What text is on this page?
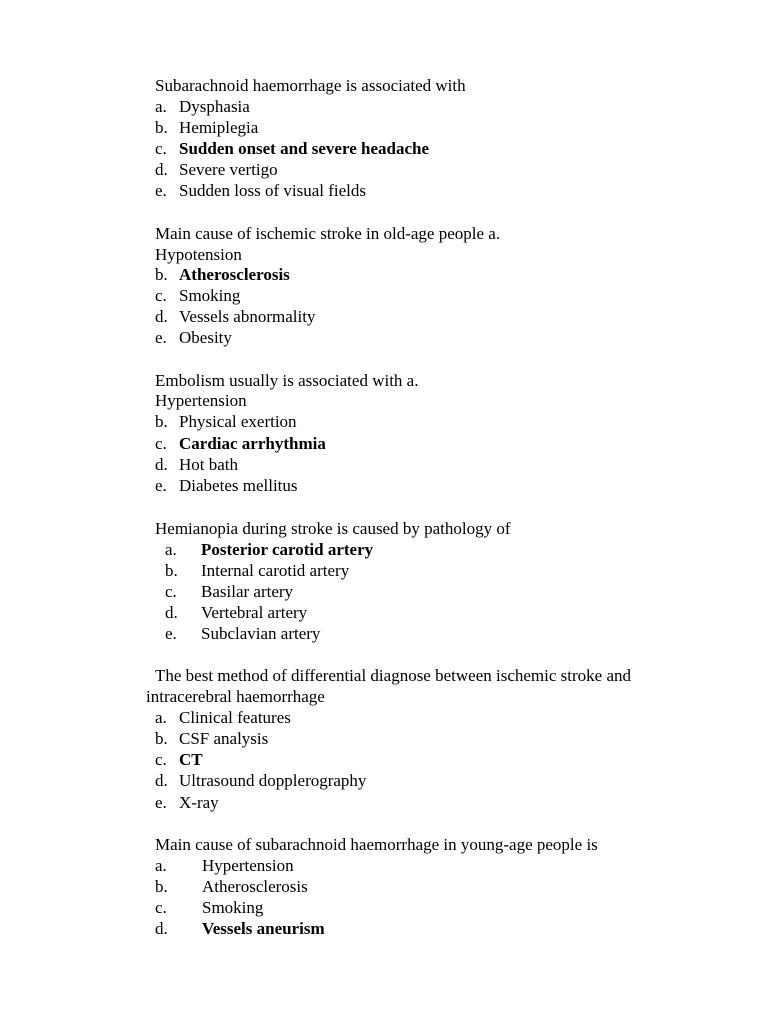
Subarachnoid haemorrhage is associated with
a. Dysphasia
b. Hemiplegia
c. Sudden onset and severe headache
d. Severe vertigo
e. Sudden loss of visual fields
Main cause of ischemic stroke in old-age people a.
Hypotension
b. Atherosclerosis
c. Smoking
d. Vessels abnormality
e. Obesity
Embolism usually is associated with a.
Hypertension
b. Physical exertion
c. Cardiac arrhythmia
d. Hot bath
e. Diabetes mellitus
Hemianopia during stroke is caused by pathology of
a. Posterior carotid artery
b. Internal carotid artery
c. Basilar artery
d. Vertebral artery
e. Subclavian artery
The best method of differential diagnose between ischemic stroke and
intracerebral haemorrhage
a. Clinical features
b. CSF analysis
c. CT
d. Ultrasound dopplerography
e. X-ray
Main cause of subarachnoid haemorrhage in young-age people is
a. Hypertension
b. Atherosclerosis
c. Smoking
d. Vessels aneurism
